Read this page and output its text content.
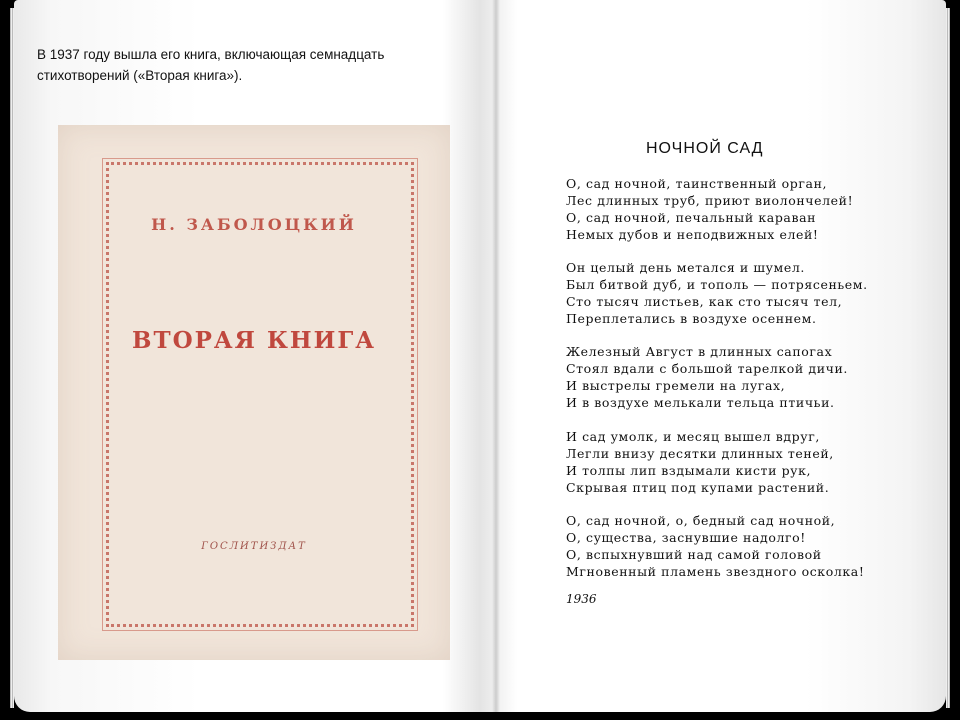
В 1937 году вышла его книга, включающая семнадцать стихотворений («Вторая книга»).
Н. ЗАБОЛОЦКИЙ
ВТОРАЯ КНИГА
ГОСЛИТИЗДАТ
НОЧНОЙ САД
О, сад ночной, таинственный орган,
Лес длинных труб, приют виолончелей!
О, сад ночной, печальный караван
Немых дубов и неподвижных елей!
Он целый день метался и шумел.
Был битвой дуб, и тополь — потрясеньем.
Сто тысяч листьев, как сто тысяч тел,
Переплетались в воздухе осеннем.
Железный Август в длинных сапогах
Стоял вдали с большой тарелкой дичи.
И выстрелы гремели на лугах,
И в воздухе мелькали тельца птичьи.
И сад умолк, и месяц вышел вдруг,
Легли внизу десятки длинных теней,
И толпы лип вздымали кисти рук,
Скрывая птиц под купами растений.
О, сад ночной, о, бедный сад ночной,
О, существа, заснувшие надолго!
О, вспыхнувший над самой головой
Мгновенный пламень звездного осколка!
1936
